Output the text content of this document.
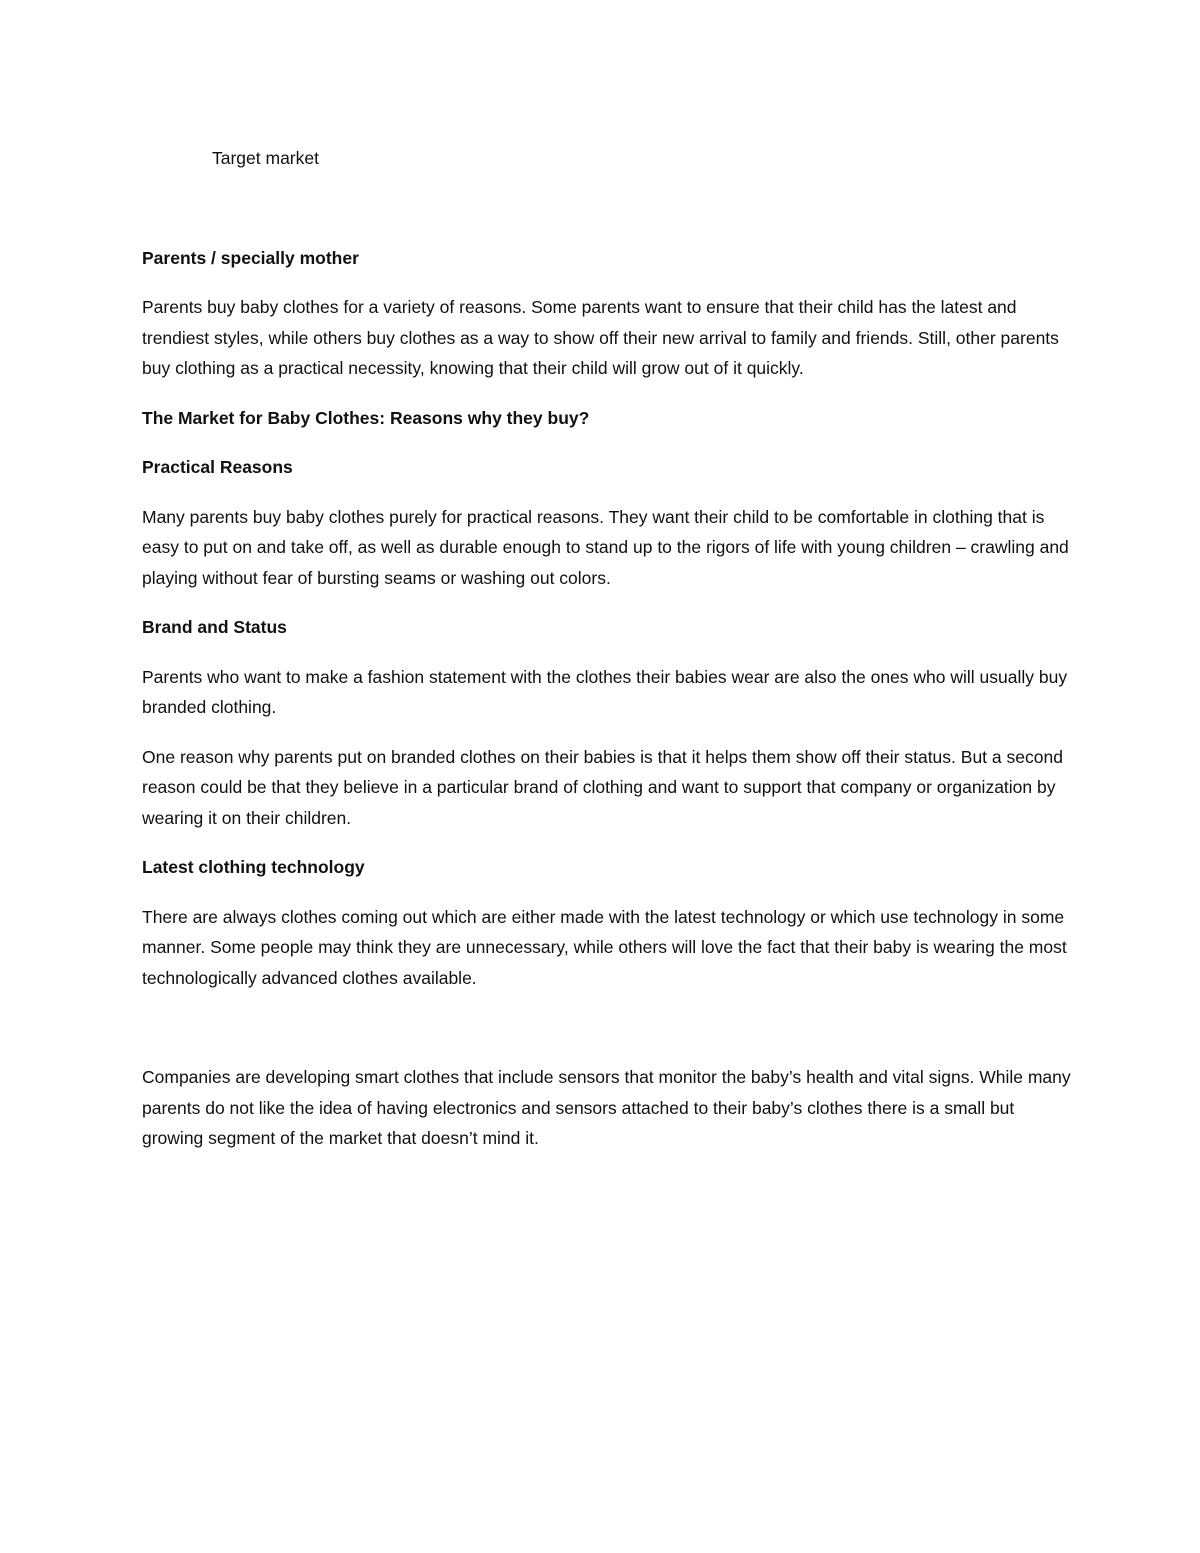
Target market

Parents / specially mother

Parents buy baby clothes for a variety of reasons. Some parents want to ensure that their child has the latest and trendiest styles, while others buy clothes as a way to show off their new arrival to family and friends. Still, other parents buy clothing as a practical necessity, knowing that their child will grow out of it quickly.

The Market for Baby Clothes: Reasons why they buy?

Practical Reasons

Many parents buy baby clothes purely for practical reasons. They want their child to be comfortable in clothing that is easy to put on and take off, as well as durable enough to stand up to the rigors of life with young children – crawling and playing without fear of bursting seams or washing out colors.

Brand and Status

Parents who want to make a fashion statement with the clothes their babies wear are also the ones who will usually buy branded clothing.

One reason why parents put on branded clothes on their babies is that it helps them show off their status. But a second reason could be that they believe in a particular brand of clothing and want to support that company or organization by wearing it on their children.

Latest clothing technology

There are always clothes coming out which are either made with the latest technology or which use technology in some manner. Some people may think they are unnecessary, while others will love the fact that their baby is wearing the most technologically advanced clothes available.

Companies are developing smart clothes that include sensors that monitor the baby’s health and vital signs. While many parents do not like the idea of having electronics and sensors attached to their baby’s clothes there is a small but growing segment of the market that doesn’t mind it.
